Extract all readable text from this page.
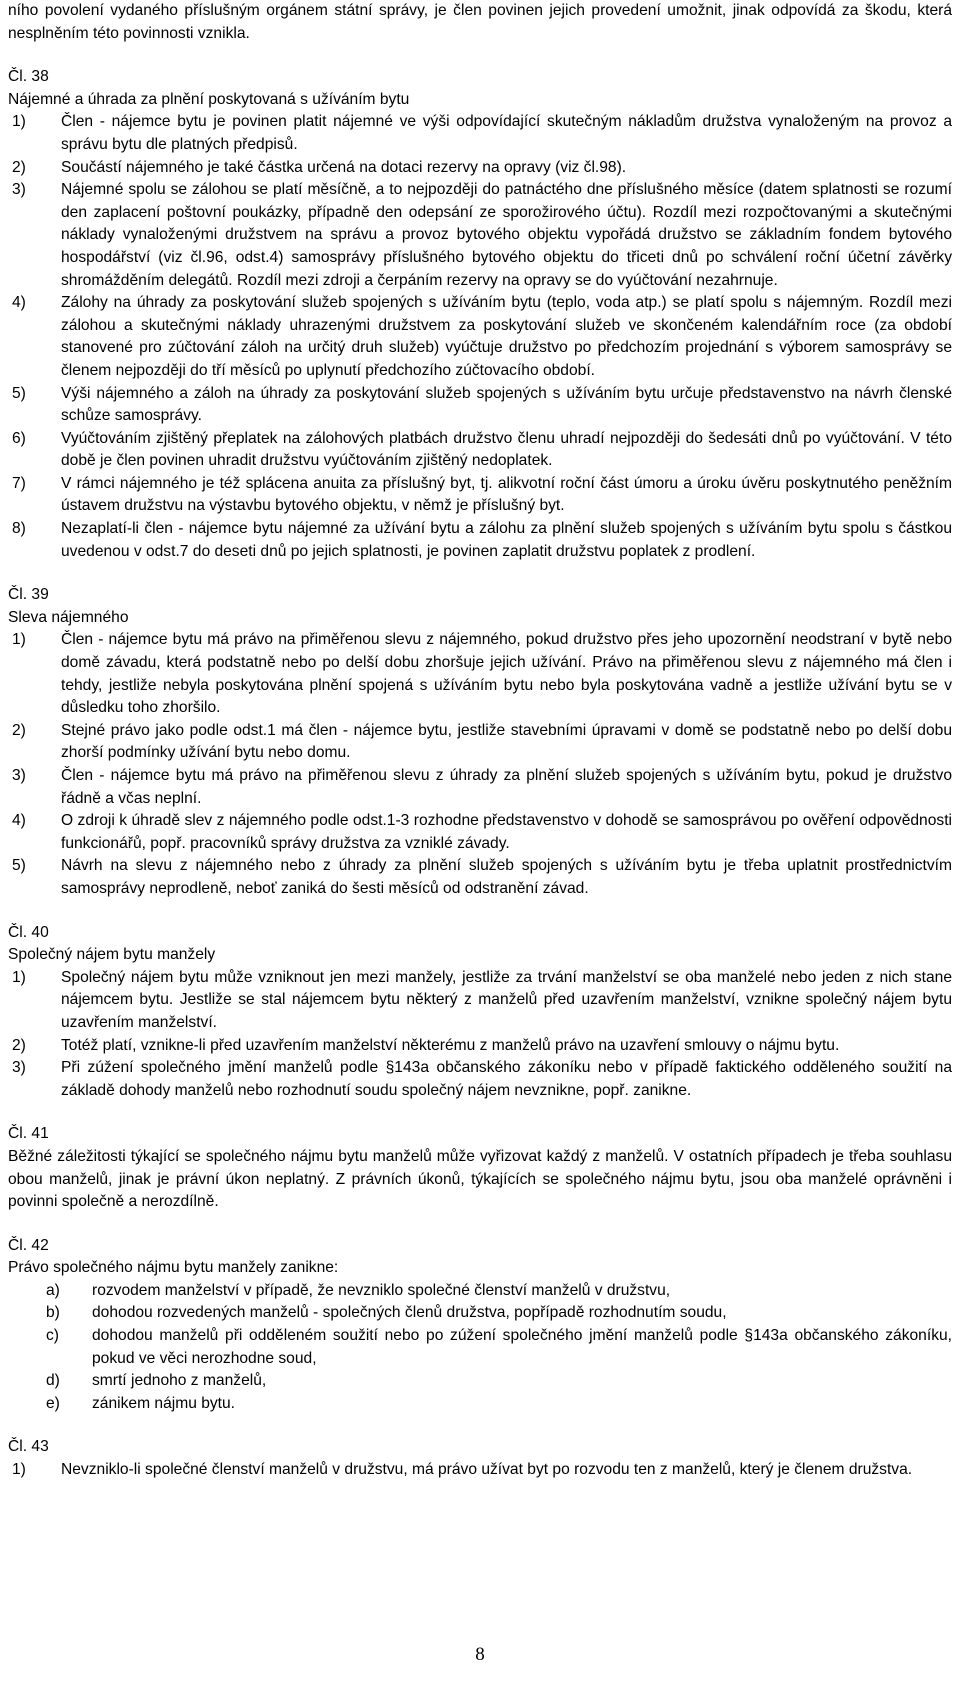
ního povolení vydaného příslušným orgánem státní správy, je člen povinen jejich provedení umožnit, jinak odpovídá za škodu, která nesplněním této povinnosti vznikla.

Čl. 38

Nájemné a úhrada za plnění poskytovaná s užíváním bytu

1) Člen - nájemce bytu je povinen platit nájemné ve výši odpovídající skutečným nákladům družstva vynaloženým na provoz a správu bytu dle platných předpisů.
2) Součástí nájemného je také částka určená na dotaci rezervy na opravy (viz čl.98).
3) Nájemné spolu se zálohou se platí měsíčně, a to nejpozději do patnáctého dne příslušného měsíce (datem splatnosti se rozumí den zaplacení poštovní poukázky, případně den odepsání ze sporožirového účtu). Rozdíl mezi rozpočtovanými a skutečnými náklady vynaloženými družstvem na správu a provoz bytového objektu vypořádá družstvo se základním fondem bytového hospodářství (viz čl.96, odst.4) samosprávy příslušného bytového objektu do třiceti dnů po schválení roční účetní závěrky shromážděním delegátů. Rozdíl mezi zdroji a čerpáním rezervy na opravy se do vyúčtování nezahrnuje.
4) Zálohy na úhrady za poskytování služeb spojených s užíváním bytu (teplo, voda atp.) se platí spolu s nájemným. Rozdíl mezi zálohou a skutečnými náklady uhrazenými družstvem za poskytování služeb ve skončeném kalendářním roce (za období stanovené pro zúčtování záloh na určitý druh služeb) vyúčtuje družstvo po předchozím projednání s výborem samosprávy se členem nejpozději do tří měsíců po uplynutí předchozího zúčtovacího období.
5) Výši nájemného a záloh na úhrady za poskytování služeb spojených s užíváním bytu určuje představenstvo na návrh členské schůze samosprávy.
6) Vyúčtováním zjištěný přeplatek na zálohových platbách družstvo členu uhradí nejpozději do šedesáti dnů po vyúčtování. V této době je člen povinen uhradit družstvu vyúčtováním zjištěný nedoplatek.
7) V rámci nájemného je též splácena anuita za příslušný byt, tj. alikvotní roční část úmoru a úroku úvěru poskytnutého peněžním ústavem družstvu na výstavbu bytového objektu, v němž je příslušný byt.
8) Nezaplatí-li člen - nájemce bytu nájemné za užívání bytu a zálohu za plnění služeb spojených s užíváním bytu spolu s částkou uvedenou v odst.7 do deseti dnů po jejich splatnosti, je povinen zaplatit družstvu poplatek z prodlení.

Čl. 39

Sleva nájemného

1) Člen - nájemce bytu má právo na přiměřenou slevu z nájemného, pokud družstvo přes jeho upozornění neodstraní v bytě nebo domě závadu, která podstatně nebo po delší dobu zhoršuje jejich užívání. Právo na přiměřenou slevu z nájemného má člen i tehdy, jestliže nebyla poskytována plnění spojená s užíváním bytu nebo byla poskytována vadně a jestliže užívání bytu se v důsledku toho zhoršilo.
2) Stejné právo jako podle odst.1 má člen - nájemce bytu, jestliže stavebními úpravami v domě se podstatně nebo po delší dobu zhorší podmínky užívání bytu nebo domu.
3) Člen - nájemce bytu má právo na přiměřenou slevu z úhrady za plnění služeb spojených s užíváním bytu, pokud je družstvo řádně a včas neplní.
4) O zdroji k úhradě slev z nájemného podle odst.1-3 rozhodne představenstvo v dohodě se samosprávou po ověření odpovědnosti funkcionářů, popř. pracovníků správy družstva za vzniklé závady.
5) Návrh na slevu z nájemného nebo z úhrady za plnění služeb spojených s užíváním bytu je třeba uplatnit prostřednictvím samosprávy neprodleně, neboť zaniká do šesti měsíců od odstranění závad.

Čl. 40

Společný nájem bytu manžely

1) Společný nájem bytu může vzniknout jen mezi manžely, jestliže za trvání manželství se oba manželé nebo jeden z nich stane nájemcem bytu. Jestliže se stal nájemcem bytu některý z manželů před uzavřením manželství, vznikne společný nájem bytu uzavřením manželství.
2) Totéž platí, vznikne-li před uzavřením manželství některému z manželů právo na uzavření smlouvy o nájmu bytu.
3) Při zúžení společného jmění manželů podle §143a občanského zákoníku nebo v případě faktického odděleného soužití na základě dohody manželů nebo rozhodnutí soudu společný nájem nevznikne, popř. zanikne.

Čl. 41

Běžné záležitosti týkající se společného nájmu bytu manželů může vyřizovat každý z manželů. V ostatních případech je třeba souhlasu obou manželů, jinak je právní úkon neplatný. Z právních úkonů, týkajících se společného nájmu bytu, jsou oba manželé oprávněni i povinni společně a nerozdílně.

Čl. 42

Právo společného nájmu bytu manžely zanikne:

a) rozvodem manželství v případě, že nevzniklo společné členství manželů v družstvu,
b) dohodou rozvedených manželů - společných členů družstva, popřípadě rozhodnutím soudu,
c) dohodou manželů při odděleném soužití nebo po zúžení společného jmění manželů podle §143a občanského zákoníku, pokud ve věci nerozhodne soud,
d) smrtí jednoho z manželů,
e) zánikem nájmu bytu.

Čl. 43

1) Nevzniklo-li společné členství manželů v družstvu, má právo užívat byt po rozvodu ten z manželů, který je členem družstva.
8
